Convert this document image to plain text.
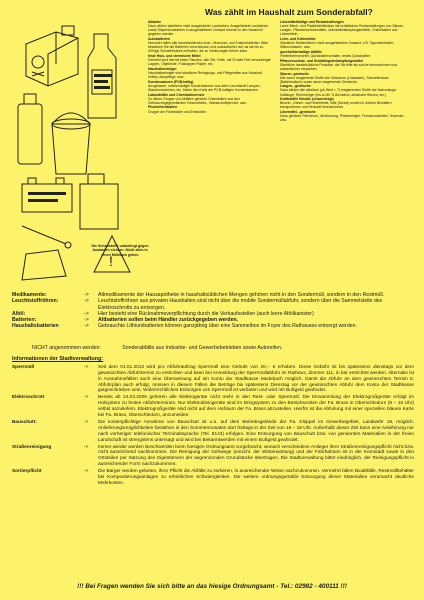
Was zählt im Haushalt zum Sonderabfall?
!
Die Schadstoffe unbedingt gegen Auslaufen sichern. Nicht alles in einen Müllsack geben

Altlacke
Dazu zählen sämtliche nicht ausgehärtete Lackfarben. Ausgehärtete Lackfarben sowie Dispersionsfarben in ausgehärtetem Zustand können in den Hausmüll gegeben werden.

Autobatterien
Hierunter fallen alle handelsüblichen Auto-, Motorrad- und Traktorbatterien. Bitte bewahren Sie die Batterien verschlossen und auslaufsicher auf, da sie bis zu 40%ige Schwefelsäure enthalten, die zu Verätzungen führen kann.

feste Holz- und chemische Mittel
Gemeint sind hiermit keine Ölsorten, alle Öle, Fette, mit Öl oder Fett verunreinigte Lappen, Ölgebinde, Putzlappen Papier, etc.

Haushaltsreiniger
Haushaltsreiniger sind sämtliche Reinigungs- und Pflegemittel aus Haushalt, Hobby, Autopflege, usw.

Kondensatoren (PCB-haltig)
Ausgebaute, unbeschädigte Kondensatoren aus alten Leuchtstoff-Lampen, Waschmaschinen, etc. bilden den Kreis der PCB-haltigen Kondensatoren.

Laborabfälle und Chemikalienreste
Zu dieser Gruppe von Abfällen gehören Chemikalien aus den Gebrauchsgegenständen Gesundheits-, Wasserstoffperoxid, usw.

Photochemikalien
Gruppe der Fixierbäder und Entwickler.

Lösemittelhaltige und Restanhaftungen
Leere Blech- und Plastikbehältnisse mit schädlichen Restanhaftungen von Säuren, Laugen, Pflanzenschutzmitteln, Unkrautbekämpfungsmitteln, Chemikalien und Lösemitteln.

Leim- und Klebemittel
Sämtliche Klebemittel in nicht ausgehärtetem Zustand, z.B. Tapezierkleister, Silikonmassen, usw.

quecksilberhaltige Abfälle
Fieberthermometer, Quecksilberschalter, reines Quecksilber.

Pflanzenschutz- und Schädlingsbekämpfungsmittel
Sämtliche handelsübliche Produkte, die Sie bitte als solche kennzeichnen und auslaufsicher verpacken.

Säuren, gemische
Alle sauer reagierende Stoffe wie Salzsäure (Lötwasser), Schwefelsäure (Batteriesäure) sowie sauer reagierende Gemische.

Laugen, -gemische
Dazu zählen alle alkalisch (ph-Wert > 7) reagierenden Stoffe wie Natronlauge, Kalilauge, Rohrreiniger (bis zu 80 % Ätznatron, alkalische Beizen, etc.)

Kraftstoffe/ Heizöle (verunreinigt)
Benzin-, Diesel- und Heizölreste, bitte (Diesel) sortiert in dichten Behältern transportieren und Herkunft kennzeichnen.

Lösemittel, -gemische
Dazu gehören Petroleum, Verdünnung, Pinselreiniger, Frostschutzmittel, Terpentin, usw.

Medikamente:	->	Altmedikamente der Hausapotheke in haushaltsüblichen Mengen gehören nicht in den Sondermüll, sondern in den Restmüll.
Leuchtstoffröhren:	->	Leuchtstoffröhren aus privaten Haushalten sind nicht über die mobile Sondermüllabfuhr, sondern über die Sammelstelle des Elektroschrotts zu entsorgen.
Altöl:	->	Hier besteht eine Rücknahmeverpflichtung durch die Verkaufsstellen (auch leere Altölkanister)
Batterien:	->	Altbatterien sollen beim Händler zurückgegeben werden.
Haushaltsbatterien	->	Gebrauchte Lithiumbatterien können ganzjährig über eine Sammelbox im Foyer des Rathauses entsorgt werden.
NICHT angenommen werden:	Sonderabfälle aus Industrie- und Gewerbebetrieben sowie Autoreifen.
Informationen der Stadtverwaltung:
Sperrmüll	->	Seit dem 01.01.2013 wird pro Abfuhrauftrag Sperrmüll eine Gebühr von 20,-- € erhoben. Diese Gebühr ist bis spätestens dienstags vor dem gewünschten Abfuhrtermin zu entrichten und kann bei Anmeldung der Sperrmüllabfuhr im Rathaus, Zimmer 111, in bar entrichtet werden. Alternativ ist in Ausnahmefällen auch eine Überweisung auf ein Konto der Stadtkasse Medebach möglich. Damit die Abfuhr an dem gewünschten Termin tt. Abfuhrplan auch erfolgt, müssen in diesem Fällen die Beträge bis spätestens Dienstag vor der gewünschten Abfuhr dem Konto der Stadtkasse gutgeschrieben sein. Widerrechtliches Entsorgen von Sperrmüll ist verboten und wird mit Bußgeld geahndet.
Elektroschrott	->	Bereits ab 24.03.2006 gehören alle Elektrogeräte nicht mehr in den Rest- oder Sperrmüll. Die Einsammlung der Elektrogroßgeräte erfolgt im Holsystem zu festen Abfuhrterminen. Nur Elektrokleingeräte sind im Bringsystem zu den Betriebszeiten der Fa. Brass in Oberschledorn (8 – 16 Uhr) selbst anzuliefern. Elektrogroßgeräte sind nicht auf dem Hofraum der Fa. Brass abzustellen. Hierfür ist die Abholung mit einer speziellen blauen Karte bei Fa. Brass, Oberschledorn, anzumelden.
Bauschutt:	->	Die kostenpflichtige Annahme von Bauschutt ist u.a. auf dem Betriebsgelände der Fa. Klüppel im Gewerbegebiet, Landwehr 18, möglich. Anlieferungsmöglichkeiten bestehen in den Sommermonaten dort freitags in der Zeit von 16 – 18 Uhr. Außerhalb dieser Zeit kann eine Anlieferung nur nach vorheriger telefonischer Terminabsprache (Tel. 8143) erfolgen. Eine Entsorgung von Bauschutt bzw. von genannten Materialien in der freien Landschaft ist strengstens untersagt und wird bei Bekanntwerden mit einem Bußgeld geahndet.
Straßenreinigung	->	Immer wieder werden Beschwerden beim hiesigen Ordnungsamt vorgebracht, wonach verschiedene Anlieger ihrer Straßenreinigungspflicht nicht bzw. nicht ausreichend nachkommen. Die Reinigung der Gehwege (einschl. der Winterwartung) und der Fahrbahnen ist in der Kernstadt sowie in den Ortsteilen per Satzung den Eigentümern der angrenzenden Grundstücke übertragen. Die Stadtverwaltung bittet eindringlich, der Reinigungspflicht in ausreichender Form nachzukommen.
Sortierpflicht	->	Die Bürger werden gebeten, ihrer Pflicht die Abfälle zu sortieren, in ausreichender Weise nachzukommen. Vermehrt fallen Bioabfälle, Restmüllbehälter bei Kompostierungsanlagen zu erheblichen Schwierigkeiten. Die weitere ordnungsgemäße Entsorgung dieser Materialien verursacht deutliche Mehrkosten.
!!! Bei Fragen wenden Sie sich bitte an das hiesige Ordnungsamt - Tel.: 02982 - 400111 !!!
